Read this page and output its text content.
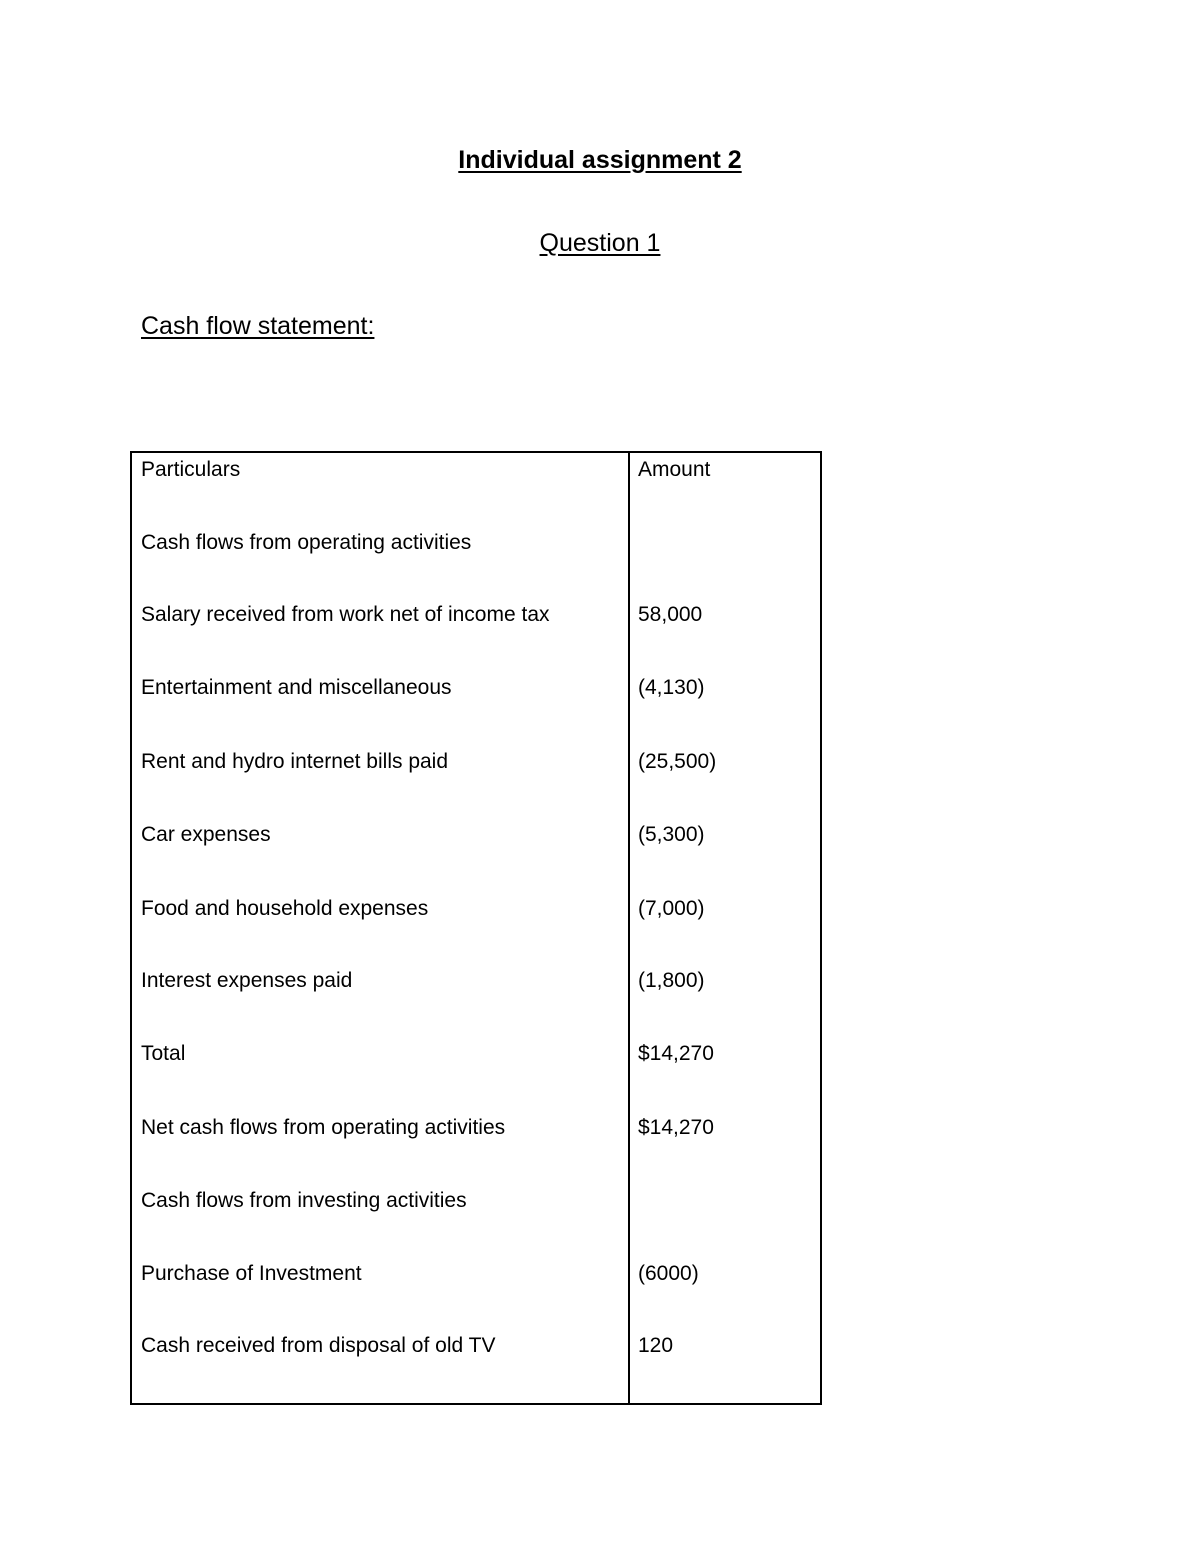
Individual assignment 2
Question 1
Cash flow statement:
Particulars	Amount
Cash flows from operating activities
Salary received from work net of income tax	58,000
Entertainment and miscellaneous	(4,130)
Rent and hydro internet bills paid	(25,500)
Car expenses	(5,300)
Food and household expenses	(7,000)
Interest expenses paid	(1,800)
Total	$14,270
Net cash flows from operating activities	$14,270
Cash flows from investing activities
Purchase of Investment	(6000)
Cash received from disposal of old TV	120
